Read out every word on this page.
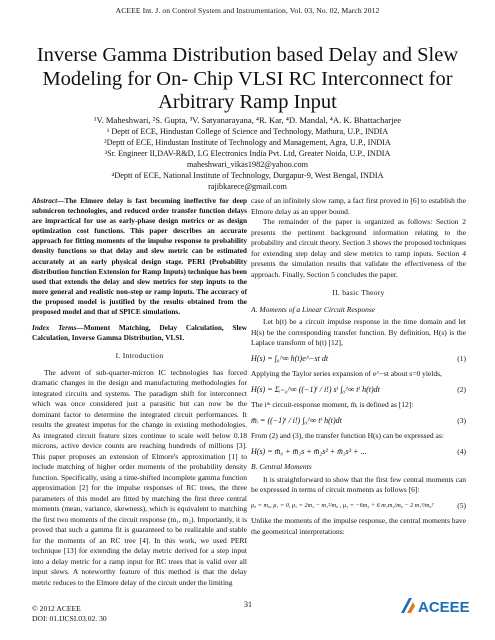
ACEEE Int. J. on Control System and Instrumentation, Vol. 03, No. 02, March 2012
Inverse Gamma Distribution based Delay and Slew
Modeling for On- Chip VLSI RC Interconnect for
Arbitrary Ramp Input
¹V. Maheshwari, ²S. Gupta, ³V. Satyanarayana, ⁴R. Kar, ⁴D. Mandal, ⁴A. K. Bhattacharjee
¹ Deptt of ECE, Hindustan College of Science and Technology, Mathura, U.P., INDIA
²Deptt of ECE, Hindustan Institute of Technology and Management, Agra, U.P., INDIA
³Sr. Engineer II,DAV-R&D, LG Electronics India Pvt. Ltd, Greater Noida, U.P., INDIA
maheshwari_vikas1982@yahoo.com
⁴Deptt of ECE, National Institute of Technology, Durgapur-9, West Bengal, INDIA
rajibkarece@gmail.com

Abstract—The Elmore delay is fast becoming ineffective for deep submicron technologies, and reduced order transfer function delays are impractical for use as early-phase design metrics or as design optimization cost functions. This paper describes an accurate approach for fitting moments of the impulse response to probability density functions so that delay and slew metric can be estimated accurately at an early physical design stage. PERI (Probability distribution function Extension for Ramp Inputs) technique has been used that extends the delay and slew metrics for step inputs to the more general and realistic non-step or ramp inputs. The accuracy of the proposed model is justified by the results obtained from the proposed model and that of SPICE simulations.

Index Terms—Moment Matching, Delay Calculation, Slew Calculation, Inverse Gamma Distribution, VLSI.

I. Introduction

The advent of sub-quarter-micron IC technologies has forced dramatic changes in the design and manufacturing methodologies for integrated circuits and systems. The paradigm shift for interconnect which was once considered just a parasitic but can now be the dominant factor to determine the integrated circuit performances. It results the greatest impetus for the change in existing methodologies. As integrated circuit feature sizes continue to scale well below 0.18 microns, active device counts are reaching hundreds of millions [3]. This paper proposes an extension of Elmore's approximation [1] to include matching of higher order moments of the probability density function. Specifically, using a time-shifted incomplete gamma function approximation [2] for the impulse responses of RC trees, the three parameters of this model are fitted by matching the first three central moments (mean, variance, skewness), which is equivalent to matching the first two moments of the circuit response (m₁, m₂). Importantly, it is proved that such a gamma fit is guaranteed to be realizable and stable for the moments of an RC tree [4]. In this work, we used PERI technique [13] for extending the delay metric derived for a step input into a delay metric for a ramp input for RC trees that is valid over all input slews. A noteworthy feature of this method is that the delay metric reduces to the Elmore delay of the circuit under the limiting

case of an infinitely slow ramp, a fact first proved in [6] to establish the Elmore delay as an upper bound.

The remainder of the paper is organized as follows: Section 2 presents the pertinent background information relating to the probability and circuit theory. Section 3 shows the proposed techniques for extending step delay and slew metrics to ramp inputs. Section 4 presents the simulation results that validate the effectiveness of the approach. Finally, Section 5 concludes the paper.

II. basic Theory
A. Moments of a Linear Circuit Response

Let h(t) be a circuit impulse response in the time domain and let H(s) be the corresponding transfer function. By definition, H(s) is the Laplace transform of h(t) [12],

H(s) = ∫₀^∞ h(t)e^−st dt	(1)

Applying the Taylor series expansion of e^−st about s=0 yields,

H(s) = Σᵢ₌₀^∞ ((−1)ⁱ / i!) sⁱ ∫₀^∞ tⁱ h(t)dt	(2)

The iᵗʰ circuit-response moment, m̄ᵢ is defined as [12]:

m̄ᵢ = ((−1)ⁱ / i!) ∫₀^∞ tⁱ h(t)dt	(3)

From (2) and (3), the transfer function H(s) can be expressed as:

H(s) = m̄₀ + m̄₁s + m̄₂s² + m̄₃s³ + ...	(4)
B. Central Moments

It is straightforward to show that the first few central moments can be expressed in terms of circuit moments as follows [6]:

μ₀ = m₀, μ₁ = 0, μ₂ = 2m₂ − m₁²/m₀ , μ₃ = −6m₃ + 6 m₁m₂/m₀ − 2 m₁³/m₀²	(5)

Unlike the moments of the impulse response, the central moments have the geometrical interpretations:

© 2012 ACEEE
DOI: 01.IJCSI.03.02. 30
31	ACEEE
